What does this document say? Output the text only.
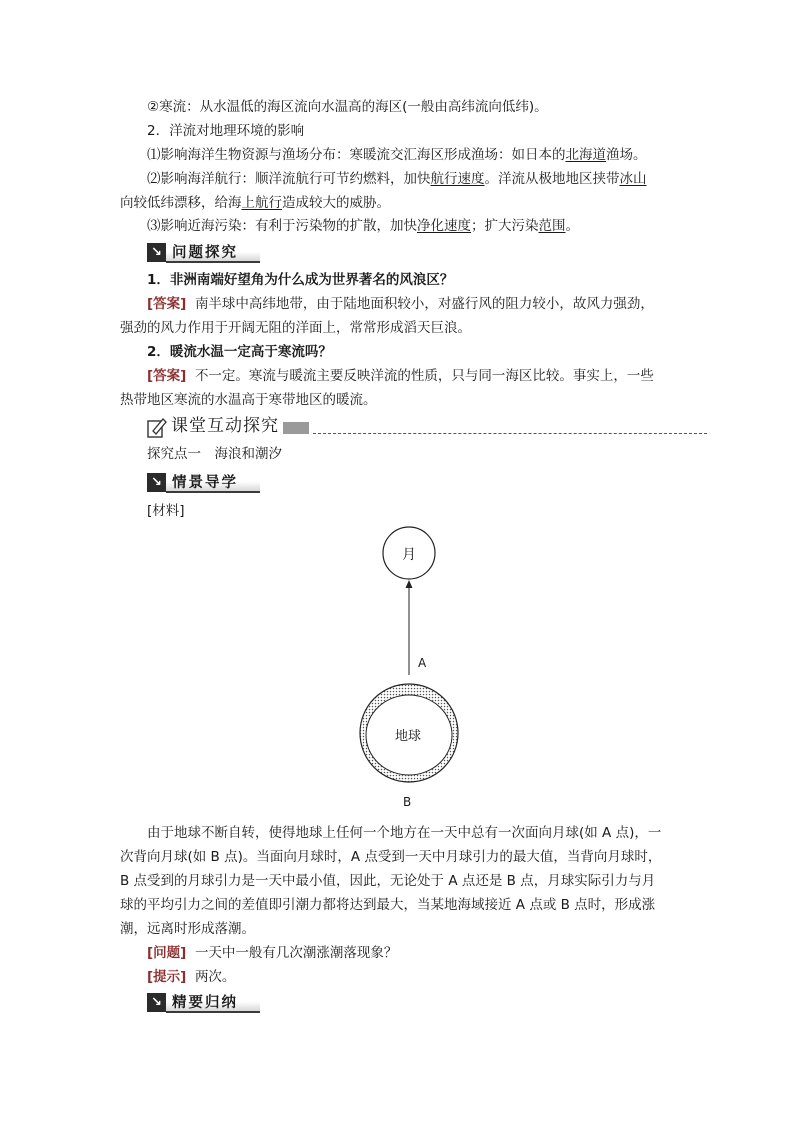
②寒流：从水温低的海区流向水温高的海区(一般由高纬流向低纬)。

2．洋流对地理环境的影响

⑴影响海洋生物资源与渔场分布：寒暖流交汇海区形成渔场：如日本的北海道渔场。

⑵影响海洋航行：顺洋流航行可节约燃料，加快航行速度。洋流从极地地区挟带冰山

向较低纬漂移，给海上航行造成较大的威胁。

⑶影响近海污染：有利于污染物的扩散，加快净化速度；扩大污染范围。

↘ 问题探究

1．非洲南端好望角为什么成为世界著名的风浪区？

[答案] 南半球中高纬地带，由于陆地面积较小，对盛行风的阻力较小，故风力强劲，

强劲的风力作用于开阔无阻的洋面上，常常形成滔天巨浪。

2．暖流水温一定高于寒流吗？

[答案] 不一定。寒流与暖流主要反映洋流的性质，只与同一海区比较。事实上，一些

热带地区寒流的水温高于寒带地区的暖流。

课堂互动探究

探究点一　海浪和潮汐

↘ 情景导学

[材料]

月
A
地球
B

由于地球不断自转，使得地球上任何一个地方在一天中总有一次面向月球(如 A 点)，一

次背向月球(如 B 点)。当面向月球时，A 点受到一天中月球引力的最大值，当背向月球时，

B 点受到的月球引力是一天中最小值，因此，无论处于 A 点还是 B 点，月球实际引力与月

球的平均引力之间的差值即引潮力都将达到最大，当某地海域接近 A 点或 B 点时，形成涨

潮，远离时形成落潮。

[问题] 一天中一般有几次潮涨潮落现象？

[提示] 两次。

↘ 精要归纳
